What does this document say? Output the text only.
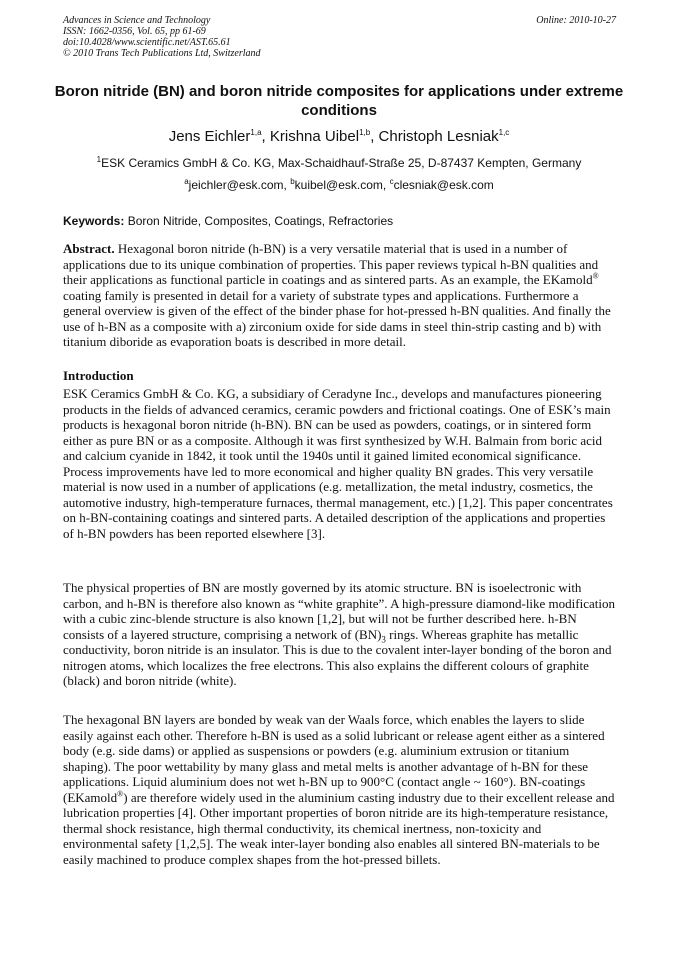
Advances in Science and Technology
ISSN: 1662-0356, Vol. 65, pp 61-69
doi:10.4028/www.scientific.net/AST.65.61
© 2010 Trans Tech Publications Ltd, Switzerland
Online: 2010-10-27
Boron nitride (BN) and boron nitride composites for applications under extreme conditions
Jens Eichler$^{1,a}$, Krishna Uibel$^{1,b}$, Christoph Lesniak$^{1,c}$
$^1$ESK Ceramics GmbH & Co. KG, Max-Schaidhauf-Straße 25, D-87437 Kempten, Germany
$^a$jeichler@esk.com, $^b$kuibel@esk.com, $^c$clesniak@esk.com
Keywords: Boron Nitride, Composites, Coatings, Refractories
Abstract. Hexagonal boron nitride (h-BN) is a very versatile material that is used in a number of applications due to its unique combination of properties. This paper reviews typical h-BN qualities and their applications as functional particle in coatings and as sintered parts. As an example, the EKamold® coating family is presented in detail for a variety of substrate types and applications. Furthermore a general overview is given of the effect of the binder phase for hot-pressed h-BN qualities. And finally the use of h-BN as a composite with a) zirconium oxide for side dams in steel thin-strip casting and b) with titanium diboride as evaporation boats is described in more detail.
Introduction
ESK Ceramics GmbH & Co. KG, a subsidiary of Ceradyne Inc., develops and manufactures pioneering products in the fields of advanced ceramics, ceramic powders and frictional coatings. One of ESK’s main products is hexagonal boron nitride (h-BN). BN can be used as powders, coatings, or in sintered form either as pure BN or as a composite. Although it was first synthesized by W.H. Balmain from boric acid and calcium cyanide in 1842, it took until the 1940s until it gained limited economical significance. Process improvements have led to more economical and higher quality BN grades. This very versatile material is now used in a number of applications (e.g. metallization, the metal industry, cosmetics, the automotive industry, high-temperature furnaces, thermal management, etc.) [1,2]. This paper concentrates on h-BN-containing coatings and sintered parts. A detailed description of the applications and properties of h-BN powders has been reported elsewhere [3].
The physical properties of BN are mostly governed by its atomic structure. BN is isoelectronic with carbon, and h-BN is therefore also known as “white graphite”. A high-pressure diamond-like modification with a cubic zinc-blende structure is also known [1,2], but will not be further described here. h-BN consists of a layered structure, comprising a network of $(BN)_3$ rings. Whereas graphite has metallic conductivity, boron nitride is an insulator. This is due to the covalent inter-layer bonding of the boron and nitrogen atoms, which localizes the free electrons. This also explains the different colours of graphite (black) and boron nitride (white).
The hexagonal BN layers are bonded by weak van der Waals force, which enables the layers to slide easily against each other. Therefore h-BN is used as a solid lubricant or release agent either as a sintered body (e.g. side dams) or applied as suspensions or powders (e.g. aluminium extrusion or titanium shaping). The poor wettability by many glass and metal melts is another advantage of h-BN for these applications. Liquid aluminium does not wet h-BN up to 900°C (contact angle ~ 160°). BN-coatings (EKamold®) are therefore widely used in the aluminium casting industry due to their excellent release and lubrication properties [4]. Other important properties of boron nitride are its high-temperature resistance, thermal shock resistance, high thermal conductivity, its chemical inertness, non-toxicity and environmental safety [1,2,5]. The weak inter-layer bonding also enables all sintered BN-materials to be easily machined to produce complex shapes from the hot-pressed billets.
